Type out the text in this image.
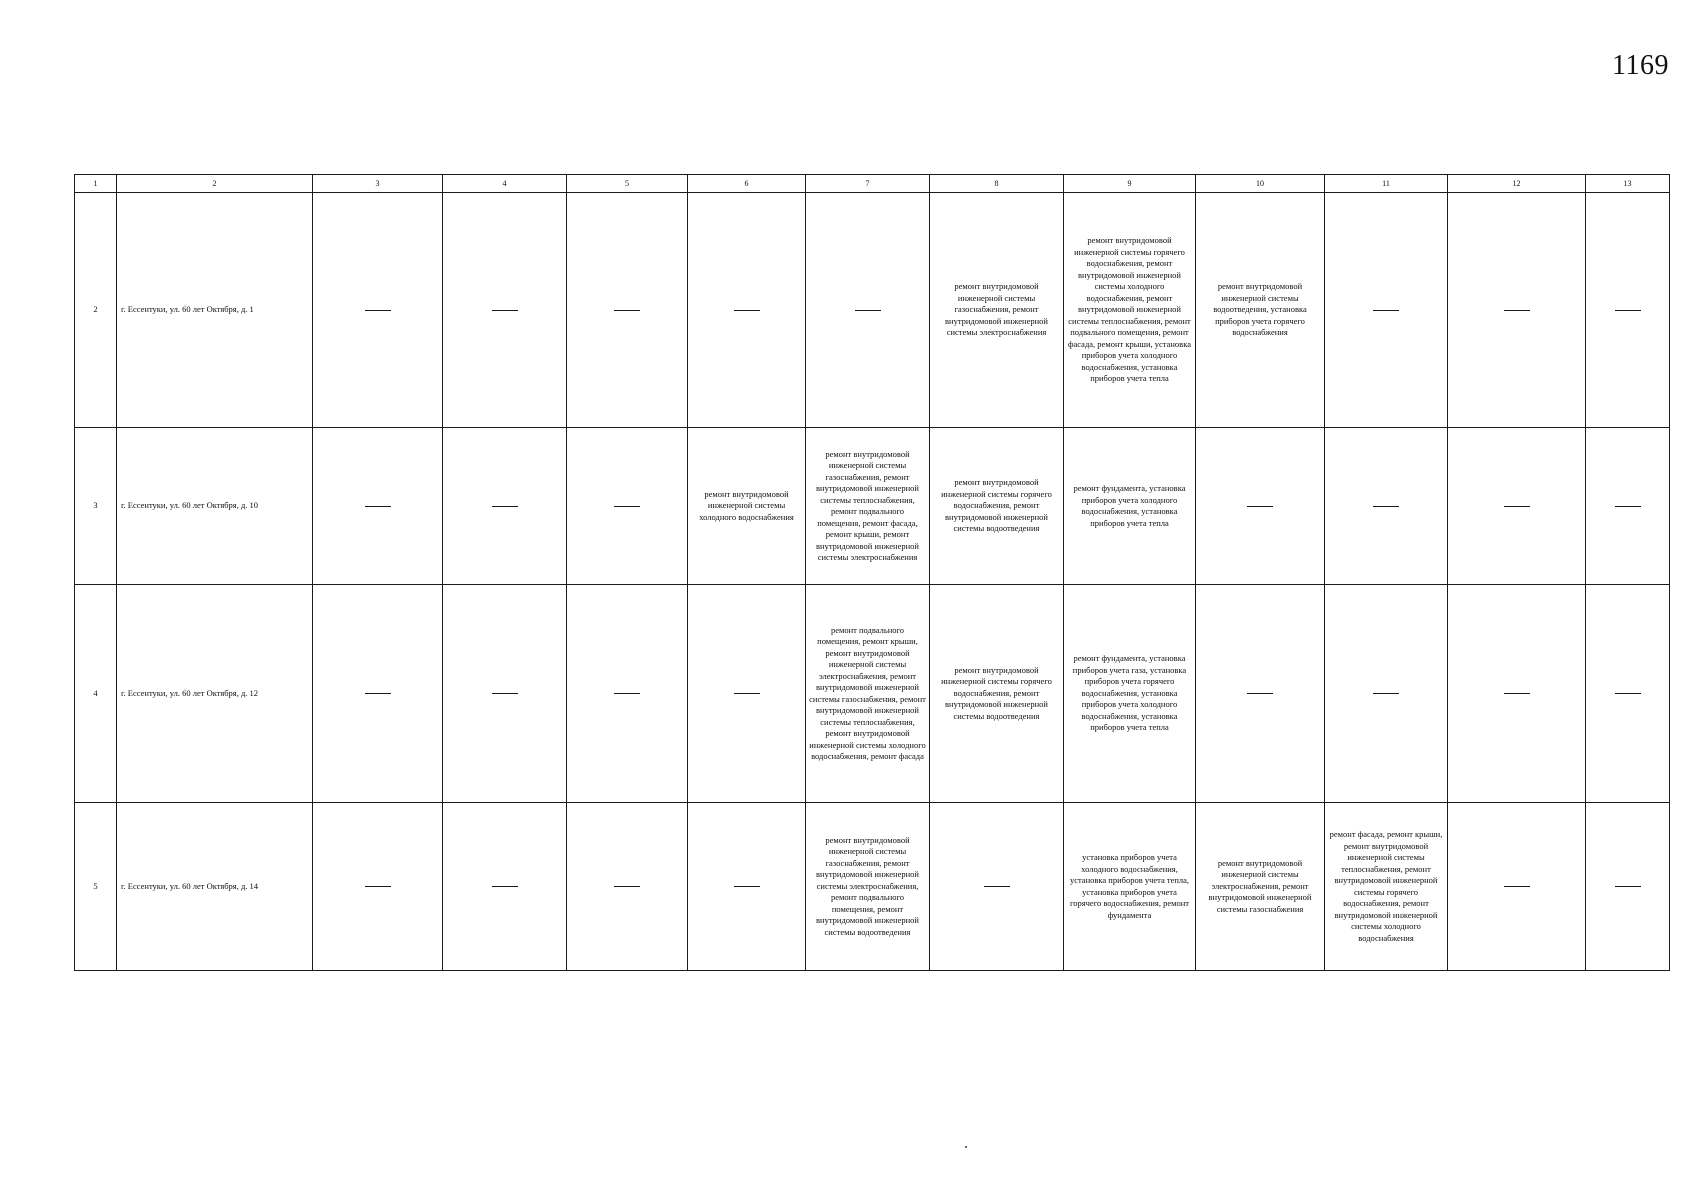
1169
1	2	3	4	5	6	7	8	9	10	11	12	13
2	г. Ессентуки, ул. 60 лет Октября, д. 1						ремонт внутридомовой инженерной системы газоснабжения, ремонт внутридомовой инженерной системы электроснабжения	ремонт внутридомовой инженерной системы горячего водоснабжения, ремонт внутридомовой инженерной системы холодного водоснабжения, ремонт внутридомовой инженерной системы теплоснабжения, ремонт подвального помещения, ремонт фасада, ремонт крыши, установка приборов учета холодного водоснабжения, установка приборов учета тепла	ремонт внутридомовой инженерной системы водоотведения, установка приборов учета горячего водоснабжения

3	г. Ессентуки, ул. 60 лет Октября, д. 10				ремонт внутридомовой инженерной системы холодного водоснабжения	ремонт внутридомовой инженерной системы газоснабжения, ремонт внутридомовой инженерной системы теплоснабжения, ремонт подвального помещения, ремонт фасада, ремонт крыши, ремонт внутридомовой инженерной системы электроснабжения	ремонт внутридомовой инженерной системы горячего водоснабжения, ремонт внутридомовой инженерной системы водоотведения	ремонт фундамента, установка приборов учета холодного водоснабжения, установка приборов учета тепла

4	г. Ессентуки, ул. 60 лет Октября, д. 12					ремонт подвального помещения, ремонт крыши, ремонт внутридомовой инженерной системы электроснабжения, ремонт внутридомовой инженерной системы газоснабжения, ремонт внутридомовой инженерной системы теплоснабжения, ремонт внутридомовой инженерной системы холодного водоснабжения, ремонт фасада	ремонт внутридомовой инженерной системы горячего водоснабжения, ремонт внутридомовой инженерной системы водоотведения	ремонт фундамента, установка приборов учета газа, установка приборов учета горячего водоснабжения, установка приборов учета холодного водоснабжения, установка приборов учета тепла

5	г. Ессентуки, ул. 60 лет Октября, д. 14					ремонт внутридомовой инженерной системы газоснабжения, ремонт внутридомовой инженерной системы электроснабжения, ремонт подвального помещения, ремонт внутридомовой инженерной системы водоотведения		установка приборов учета холодного водоснабжения, установка приборов учета тепла, установка приборов учета горячего водоснабжения, ремонт фундамента	ремонт внутридомовой инженерной системы электроснабжения, ремонт внутридомовой инженерной системы газоснабжения	ремонт фасада, ремонт крыши, ремонт внутридомовой инженерной системы теплоснабжения, ремонт внутридомовой инженерной системы горячего водоснабжения, ремонт внутридомовой инженерной системы холодного водоснабжения
